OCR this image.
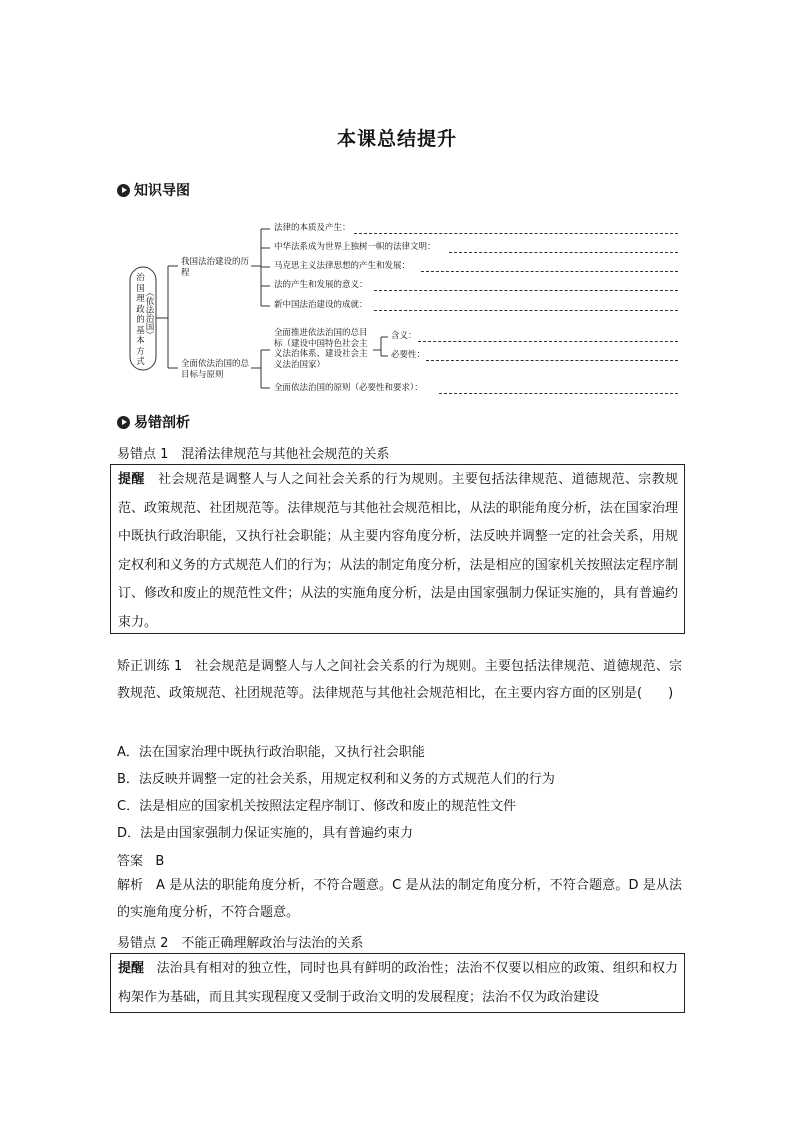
本课总结提升
知识导图
治国理政的基本方式
（依法治国）
我国法治建设的历程
全面依法治国的总目标与原则
法律的本质及产生：
中华法系成为世界上独树一帜的法律文明：
马克思主义法律思想的产生和发展：
法的产生和发展的意义：
新中国法治建设的成就：
全面推进依法治国的总目标（建设中国特色社会主义法治体系、建设社会主义法治国家）
含义：
必要性：
全面依法治国的原则（必要性和要求）：
易错剖析
易错点 1　混淆法律规范与其他社会规范的关系
提醒 社会规范是调整人与人之间社会关系的行为规则。主要包括法律规范、道德规范、宗教规范、政策规范、社团规范等。法律规范与其他社会规范相比，从法的职能角度分析，法在国家治理中既执行政治职能，又执行社会职能；从主要内容角度分析，法反映并调整一定的社会关系，用规定权利和义务的方式规范人们的行为；从法的制定角度分析，法是相应的国家机关按照法定程序制订、修改和废止的规范性文件；从法的实施角度分析，法是由国家强制力保证实施的，具有普遍约束力。
矫正训练 1 社会规范是调整人与人之间社会关系的行为规则。主要包括法律规范、道德规范、宗教规范、政策规范、社团规范等。法律规范与其他社会规范相比，在主要内容方面的区别是(　　)
A．法在国家治理中既执行政治职能，又执行社会职能
B．法反映并调整一定的社会关系，用规定权利和义务的方式规范人们的行为
C．法是相应的国家机关按照法定程序制订、修改和废止的规范性文件
D．法是由国家强制力保证实施的，具有普遍约束力
答案 B
解析 A 是从法的职能角度分析，不符合题意。C 是从法的制定角度分析，不符合题意。D 是从法的实施角度分析，不符合题意。
易错点 2　不能正确理解政治与法治的关系
提醒 法治具有相对的独立性，同时也具有鲜明的政治性；法治不仅要以相应的政策、组织和权力构架作为基础，而且其实现程度又受制于政治文明的发展程度；法治不仅为政治建设
